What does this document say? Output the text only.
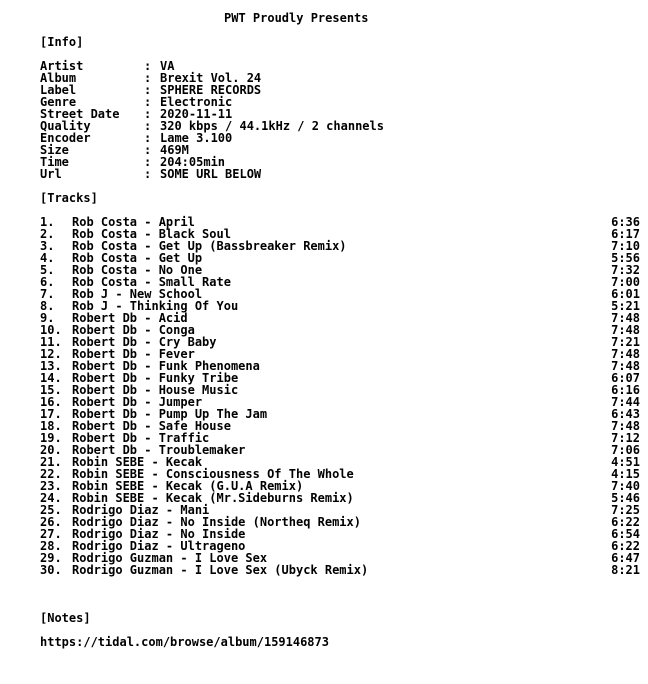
PWT Proudly Presents
[Info]
Artist	: VA
Album	: Brexit Vol. 24
Label	: SPHERE RECORDS
Genre	: Electronic
Street Date	: 2020-11-11
Quality	: 320 kbps / 44.1kHz / 2 channels
Encoder	: Lame 3.100
Size	: 469M
Time	: 204:05min
Url	: SOME URL BELOW
[Tracks]
1.	Rob Costa - April	6:36
2.	Rob Costa - Black Soul	6:17
3.	Rob Costa - Get Up (Bassbreaker Remix)	7:10
4.	Rob Costa - Get Up	5:56
5.	Rob Costa - No One	7:32
6.	Rob Costa - Small Rate	7:00
7.	Rob J - New School	6:01
8.	Rob J - Thinking Of You	5:21
9.	Robert Db - Acid	7:48
10. Robert Db - Conga	7:48
11. Robert Db - Cry Baby	7:21
12. Robert Db - Fever	7:48
13. Robert Db - Funk Phenomena	7:48
14. Robert Db - Funky Tribe	6:07
15. Robert Db - House Music	6:16
16. Robert Db - Jumper	7:44
17. Robert Db - Pump Up The Jam	6:43
18. Robert Db - Safe House	7:48
19. Robert Db - Traffic	7:12
20. Robert Db - Troublemaker	7:06
21. Robin SEBE - Kecak	4:51
22. Robin SEBE - Consciousness Of The Whole	4:15
23. Robin SEBE - Kecak (G.U.A Remix)	7:40
24. Robin SEBE - Kecak (Mr.Sideburns Remix)	5:46
25. Rodrigo Diaz - Mani	7:25
26. Rodrigo Diaz - No Inside (Northeq Remix)	6:22
27. Rodrigo Diaz - No Inside	6:54
28. Rodrigo Diaz - Ultrageno	6:22
29. Rodrigo Guzman - I Love Sex	6:47
30. Rodrigo Guzman - I Love Sex (Ubyck Remix)	8:21
[Notes]
https://tidal.com/browse/album/159146873
